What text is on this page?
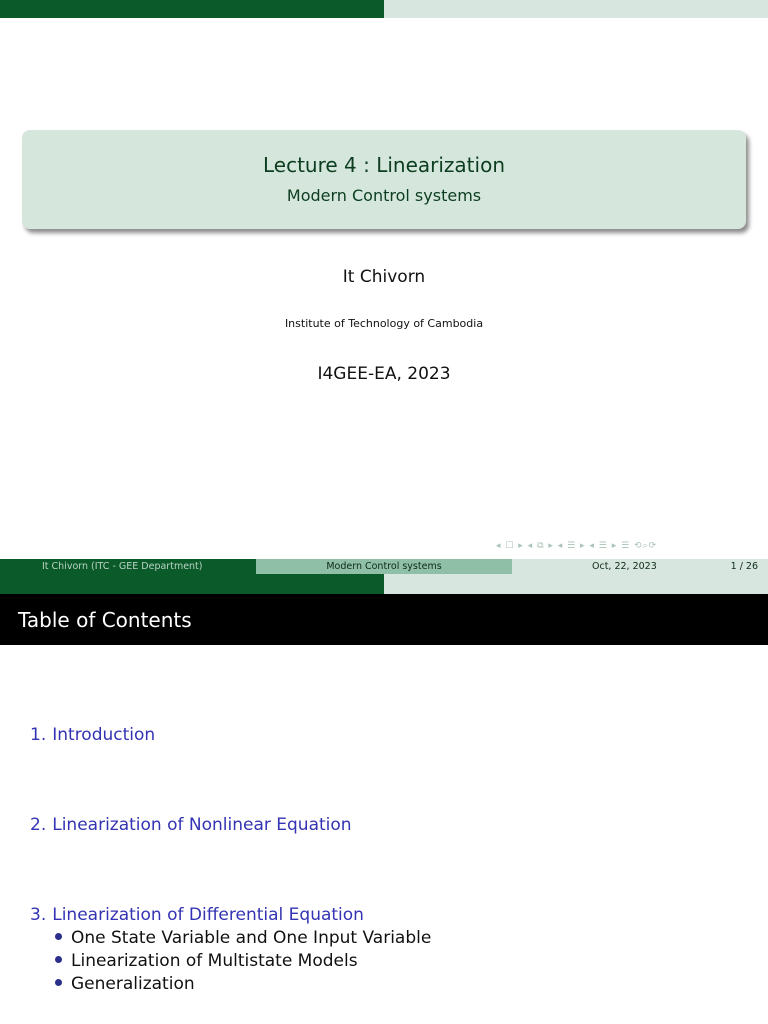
Lecture 4 : Linearization
Modern Control systems
It Chivorn
Institute of Technology of Cambodia
I4GEE-EA, 2023
◂ ☐ ▸ ◂ ⧉ ▸ ◂ ☰ ▸ ◂ ☰ ▸ ☰ ⟲⌕⟳
It Chivorn (ITC - GEE Department)	Modern Control systems	Oct, 22, 2023	1 / 26
Table of Contents
1. Introduction
2. Linearization of Nonlinear Equation
3. Linearization of Differential Equation
One State Variable and One Input Variable
Linearization of Multistate Models
Generalization
